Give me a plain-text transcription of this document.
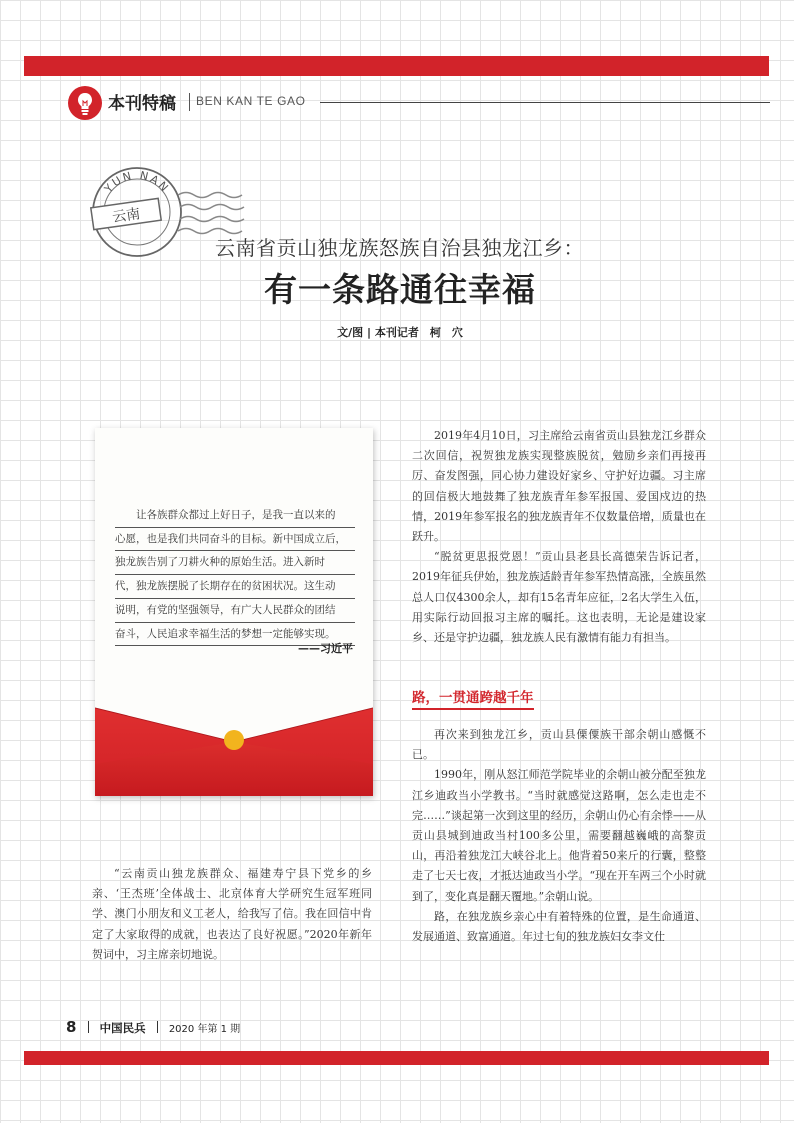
本刊特稿 BEN KAN TE GAO
YUN NAN
云南
云南省贡山独龙族怒族自治县独龙江乡：
有一条路通往幸福
文/图 | 本刊记者　柯　穴
让各族群众都过上好日子，是我一直以来的
心愿，也是我们共同奋斗的目标。新中国成立后，
独龙族告别了刀耕火种的原始生活。进入新时
代，独龙族摆脱了长期存在的贫困状况。这生动
说明，有党的坚强领导，有广大人民群众的团结
奋斗，人民追求幸福生活的梦想一定能够实现。
——习近平

“云南贡山独龙族群众、福建寿宁县下党乡的乡亲、‘王杰班’全体战士、北京体育大学研究生冠军班同学、澳门小朋友和义工老人，给我写了信。我在回信中肯定了大家取得的成就，也表达了良好祝愿。”2020年新年贺词中，习主席亲切地说。

2019年4月10日，习主席给云南省贡山县独龙江乡群众二次回信，祝贺独龙族实现整族脱贫，勉励乡亲们再接再厉、奋发图强，同心协力建设好家乡、守护好边疆。习主席的回信极大地鼓舞了独龙族青年参军报国、爱国戍边的热情，2019年参军报名的独龙族青年不仅数量倍增，质量也在跃升。

“脱贫更思报党恩！”贡山县老县长高德荣告诉记者，2019年征兵伊始，独龙族适龄青年参军热情高涨，全族虽然总人口仅4300余人，却有15名青年应征，2名大学生入伍，用实际行动回报习主席的嘱托。这也表明，无论是建设家乡、还是守护边疆，独龙族人民有激情有能力有担当。

路，一贯通跨越千年

再次来到独龙江乡，贡山县傈僳族干部余朝山感慨不已。

1990年，刚从怒江师范学院毕业的余朝山被分配至独龙江乡迪政当小学教书。“当时就感觉这路啊，怎么走也走不完……”谈起第一次到这里的经历，余朝山仍心有余悸——从贡山县城到迪政当村100多公里，需要翻越巍峨的高黎贡山，再沿着独龙江大峡谷北上。他背着50来斤的行囊，整整走了七天七夜，才抵达迪政当小学。“现在开车两三个小时就到了，变化真是翻天覆地。”余朝山说。

路，在独龙族乡亲心中有着特殊的位置，是生命通道、发展通道、致富通道。年过七旬的独龙族妇女李文仕

8 中国民兵 2020 年第 1 期
